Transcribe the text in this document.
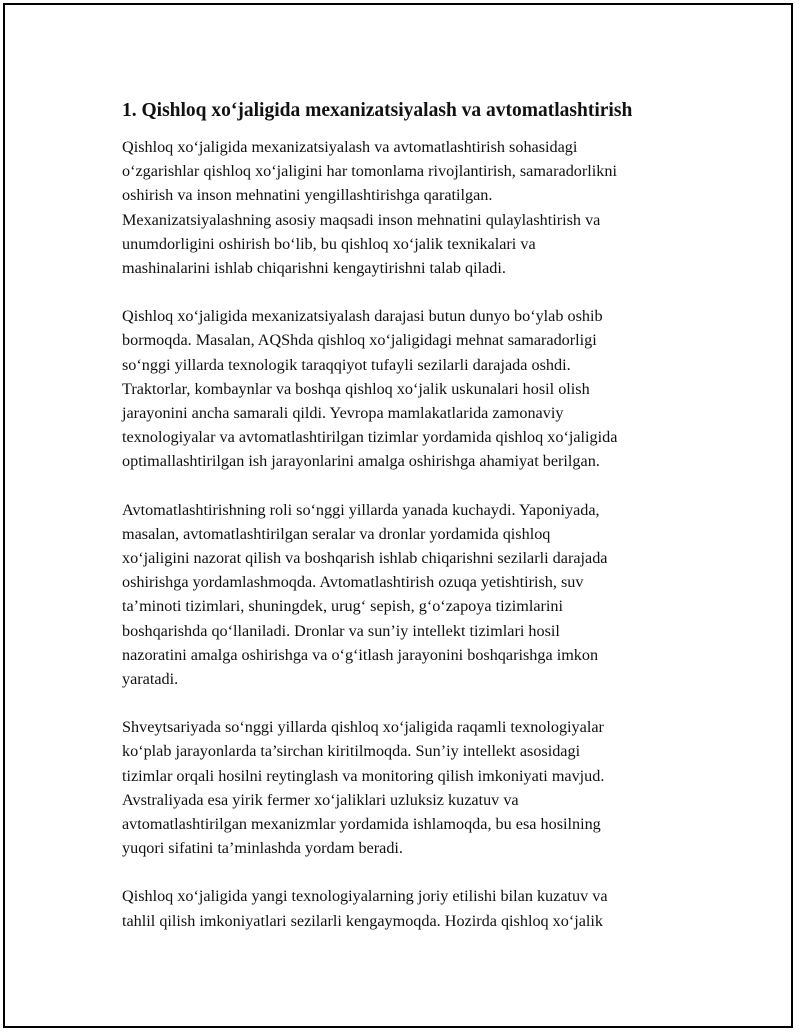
1. Qishloq xo‘jaligida mexanizatsiyalash va avtomatlashtirish

Qishloq xo‘jaligida mexanizatsiyalash va avtomatlashtirish sohasidagi
o‘zgarishlar qishloq xo‘jaligini har tomonlama rivojlantirish, samaradorlikni
oshirish va inson mehnatini yengillashtirishga qaratilgan.
Mexanizatsiyalashning asosiy maqsadi inson mehnatini qulaylashtirish va
unumdorligini oshirish bo‘lib, bu qishloq xo‘jalik texnikalari va
mashinalarini ishlab chiqarishni kengaytirishni talab qiladi.

Qishloq xo‘jaligida mexanizatsiyalash darajasi butun dunyo bo‘ylab oshib
bormoqda. Masalan, AQShda qishloq xo‘jaligidagi mehnat samaradorligi
so‘nggi yillarda texnologik taraqqiyot tufayli sezilarli darajada oshdi.
Traktorlar, kombaynlar va boshqa qishloq xo‘jalik uskunalari hosil olish
jarayonini ancha samarali qildi. Yevropa mamlakatlarida zamonaviy
texnologiyalar va avtomatlashtirilgan tizimlar yordamida qishloq xo‘jaligida
optimallashtirilgan ish jarayonlarini amalga oshirishga ahamiyat berilgan.

Avtomatlashtirishning roli so‘nggi yillarda yanada kuchaydi. Yaponiyada,
masalan, avtomatlashtirilgan seralar va dronlar yordamida qishloq
xo‘jaligini nazorat qilish va boshqarish ishlab chiqarishni sezilarli darajada
oshirishga yordamlashmoqda. Avtomatlashtirish ozuqa yetishtirish, suv
ta’minoti tizimlari, shuningdek, urug‘ sepish, g‘o‘zapoya tizimlarini
boshqarishda qo‘llaniladi. Dronlar va sun’iy intellekt tizimlari hosil
nazoratini amalga oshirishga va o‘g‘itlash jarayonini boshqarishga imkon
yaratadi.

Shveytsariyada so‘nggi yillarda qishloq xo‘jaligida raqamli texnologiyalar
ko‘plab jarayonlarda ta’sirchan kiritilmoqda. Sun’iy intellekt asosidagi
tizimlar orqali hosilni reytinglash va monitoring qilish imkoniyati mavjud.
Avstraliyada esa yirik fermer xo‘jaliklari uzluksiz kuzatuv va
avtomatlashtirilgan mexanizmlar yordamida ishlamoqda, bu esa hosilning
yuqori sifatini ta’minlashda yordam beradi.

Qishloq xo‘jaligida yangi texnologiyalarning joriy etilishi bilan kuzatuv va
tahlil qilish imkoniyatlari sezilarli kengaymoqda. Hozirda qishloq xo‘jalik
